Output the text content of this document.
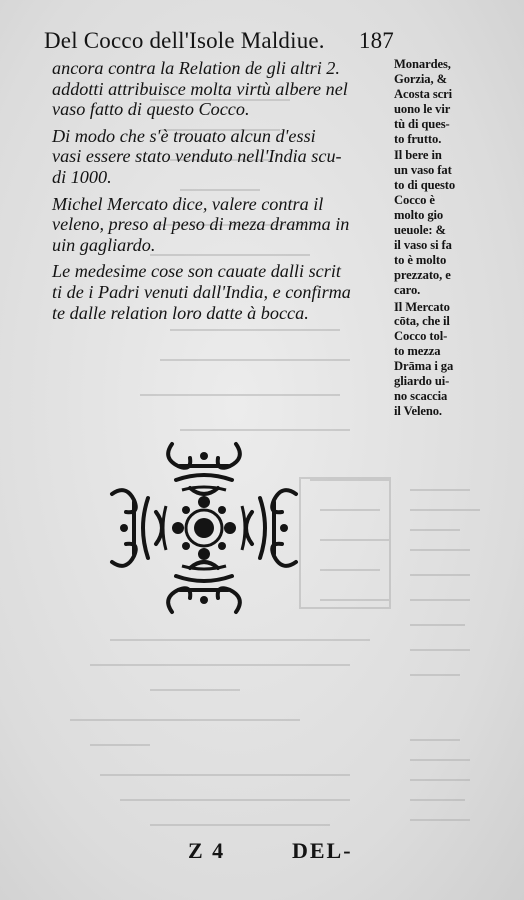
Del Cocco dell'Isole Maldiue. 187

ancora contra la Relation de gli altri 2.
addotti attribuisce molta virtù albere nel
vaso fatto di questo Cocco.

Di modo che s'è trouato alcun d'essi
vasi essere stato venduto nell'India scu-
di 1000.

Michel Mercato dice, valere contra il
veleno, preso al peso di meza dramma in
uin gagliardo.

Le medesime cose son cauate dalli scrit
ti de i Padri venuti dall'India, e confirma
te dalle relation loro datte à bocca.

Monardes,
Gorzia, &
Acosta scri
uono le vir
tù di ques-
to frutto.
Il bere in
un vaso fat
to di questo
Cocco è
molto gio
ueuole: &
il vaso si fa
to è molto
prezzato, e
caro.
Il Mercato
cōta, che il
Cocco tol-
to mezza
Drāma i ga
gliardo ui-
no scaccia
il Veleno.
Z 4	DEL-
